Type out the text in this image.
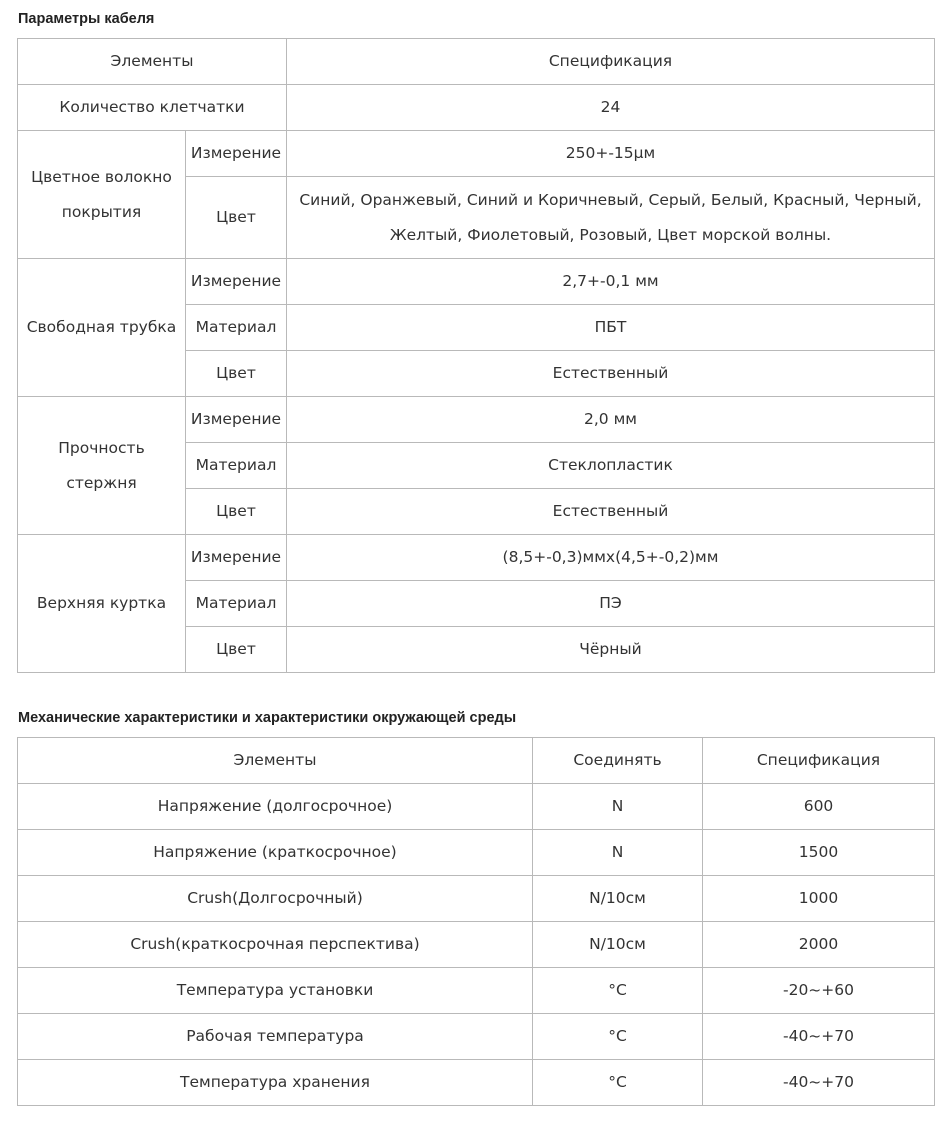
Параметры кабеля
Элементы		Спецификация
Количество клетчатки		24
Цветное волокно покрытия	Измерение	250+-15μм
	Цвет	Синий, Оранжевый, Синий и Коричневый, Серый, Белый, Красный, Черный, Желтый, Фиолетовый, Розовый, Цвет морской волны.
Свободная трубка	Измерение	2,7+-0,1 мм
	Материал	ПБТ
	Цвет	Естественный
Прочность стержня	Измерение	2,0 мм
	Материал	Стеклопластик
	Цвет	Естественный
Верхняя куртка	Измерение	(8,5+-0,3)ммх(4,5+-0,2)мм
	Материал	ПЭ
	Цвет	Чёрный
Механические характеристики и характеристики окружающей среды
Элементы	Соединять	Спецификация
Напряжение (долгосрочное)	N	600
Напряжение (краткосрочное)	N	1500
Crush(Долгосрочный)	N/10см	1000
Crush(краткосрочная перспектива)	N/10см	2000
Температура установки	°C	-20~+60
Рабочая температура	°C	-40~+70
Температура хранения	°C	-40~+70
